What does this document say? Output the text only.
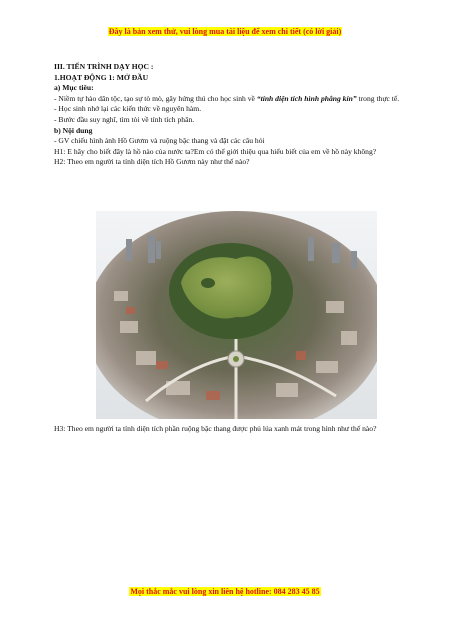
Đây là bản xem thử, vui lòng mua tài liệu để xem chi tiết (có lời giải)

III. TIẾN TRÌNH DẠY HỌC :

1.HOẠT ĐỘNG 1: MỞ ĐẦU

a) Mục tiêu:

- Niềm tự hào dân tộc, tạo sự tò mò, gây hứng thú cho học sinh về “tính diện tích hình phẳng kín” trong thực tế.

- Học sinh nhớ lại các kiến thức về nguyên hàm.

- Bước đầu suy nghĩ, tìm tòi về tính tích phân.

b) Nội dung

- GV chiếu hình ảnh Hồ Gươm và ruộng bậc thang và đặt các câu hỏi

H1: E hãy cho biết đây là hồ nào của nước ta?Em có thể giới thiệu qua hiểu biết của em về hồ này không?

H2: Theo em người ta tính diện tích Hồ Gươm này như thế nào?

H3: Theo em người ta tính diện tích phần ruộng bậc thang được phủ lúa xanh mát trong hình như thế nào?

Mọi thắc mắc vui lòng xin liên hệ hotline: 084 283 45 85
